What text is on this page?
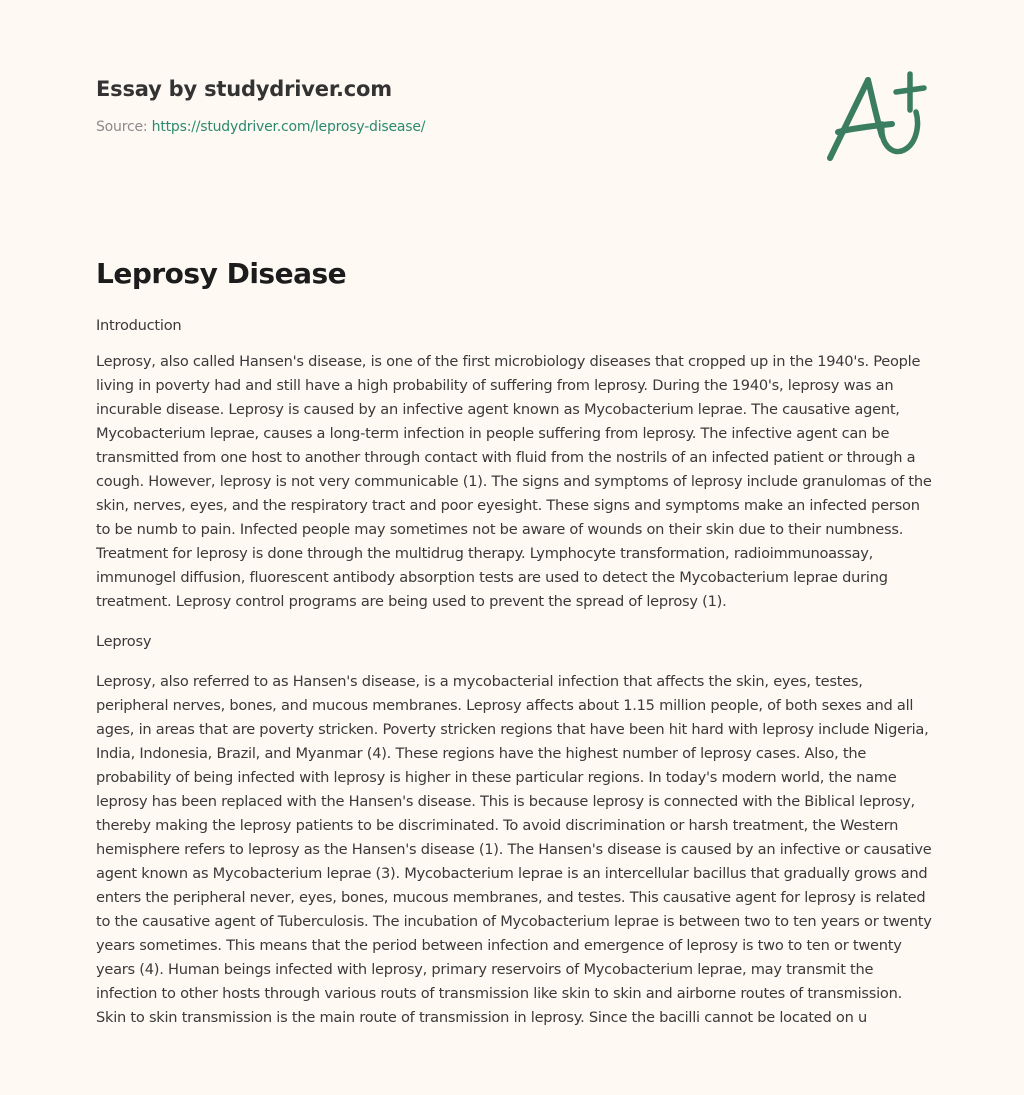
Essay by studydriver.com
Source: https://studydriver.com/leprosy-disease/
Leprosy Disease
Introduction

Leprosy, also called Hansen's disease, is one of the first microbiology diseases that cropped up in the 1940's. People living in poverty had and still have a high probability of suffering from leprosy. During the 1940's, leprosy was an incurable disease. Leprosy is caused by an infective agent known as Mycobacterium leprae. The causative agent, Mycobacterium leprae, causes a long-term infection in people suffering from leprosy. The infective agent can be transmitted from one host to another through contact with fluid from the nostrils of an infected patient or through a cough. However, leprosy is not very communicable (1). The signs and symptoms of leprosy include granulomas of the skin, nerves, eyes, and the respiratory tract and poor eyesight. These signs and symptoms make an infected person to be numb to pain. Infected people may sometimes not be aware of wounds on their skin due to their numbness. Treatment for leprosy is done through the multidrug therapy. Lymphocyte transformation, radioimmunoassay, immunogel diffusion, fluorescent antibody absorption tests are used to detect the Mycobacterium leprae during treatment. Leprosy control programs are being used to prevent the spread of leprosy (1).

Leprosy

Leprosy, also referred to as Hansen's disease, is a mycobacterial infection that affects the skin, eyes, testes, peripheral nerves, bones, and mucous membranes. Leprosy affects about 1.15 million people, of both sexes and all ages, in areas that are poverty stricken. Poverty stricken regions that have been hit hard with leprosy include Nigeria, India, Indonesia, Brazil, and Myanmar (4). These regions have the highest number of leprosy cases. Also, the probability of being infected with leprosy is higher in these particular regions. In today's modern world, the name leprosy has been replaced with the Hansen's disease. This is because leprosy is connected with the Biblical leprosy, thereby making the leprosy patients to be discriminated. To avoid discrimination or harsh treatment, the Western hemisphere refers to leprosy as the Hansen's disease (1). The Hansen's disease is caused by an infective or causative agent known as Mycobacterium leprae (3). Mycobacterium leprae is an intercellular bacillus that gradually grows and enters the peripheral never, eyes, bones, mucous membranes, and testes. This causative agent for leprosy is related to the causative agent of Tuberculosis. The incubation of Mycobacterium leprae is between two to ten years or twenty years sometimes. This means that the period between infection and emergence of leprosy is two to ten or twenty years (4). Human beings infected with leprosy, primary reservoirs of Mycobacterium leprae, may transmit the infection to other hosts through various routs of transmission like skin to skin and airborne routes of transmission. Skin to skin transmission is the main route of transmission in leprosy. Since the bacilli cannot be located on u
